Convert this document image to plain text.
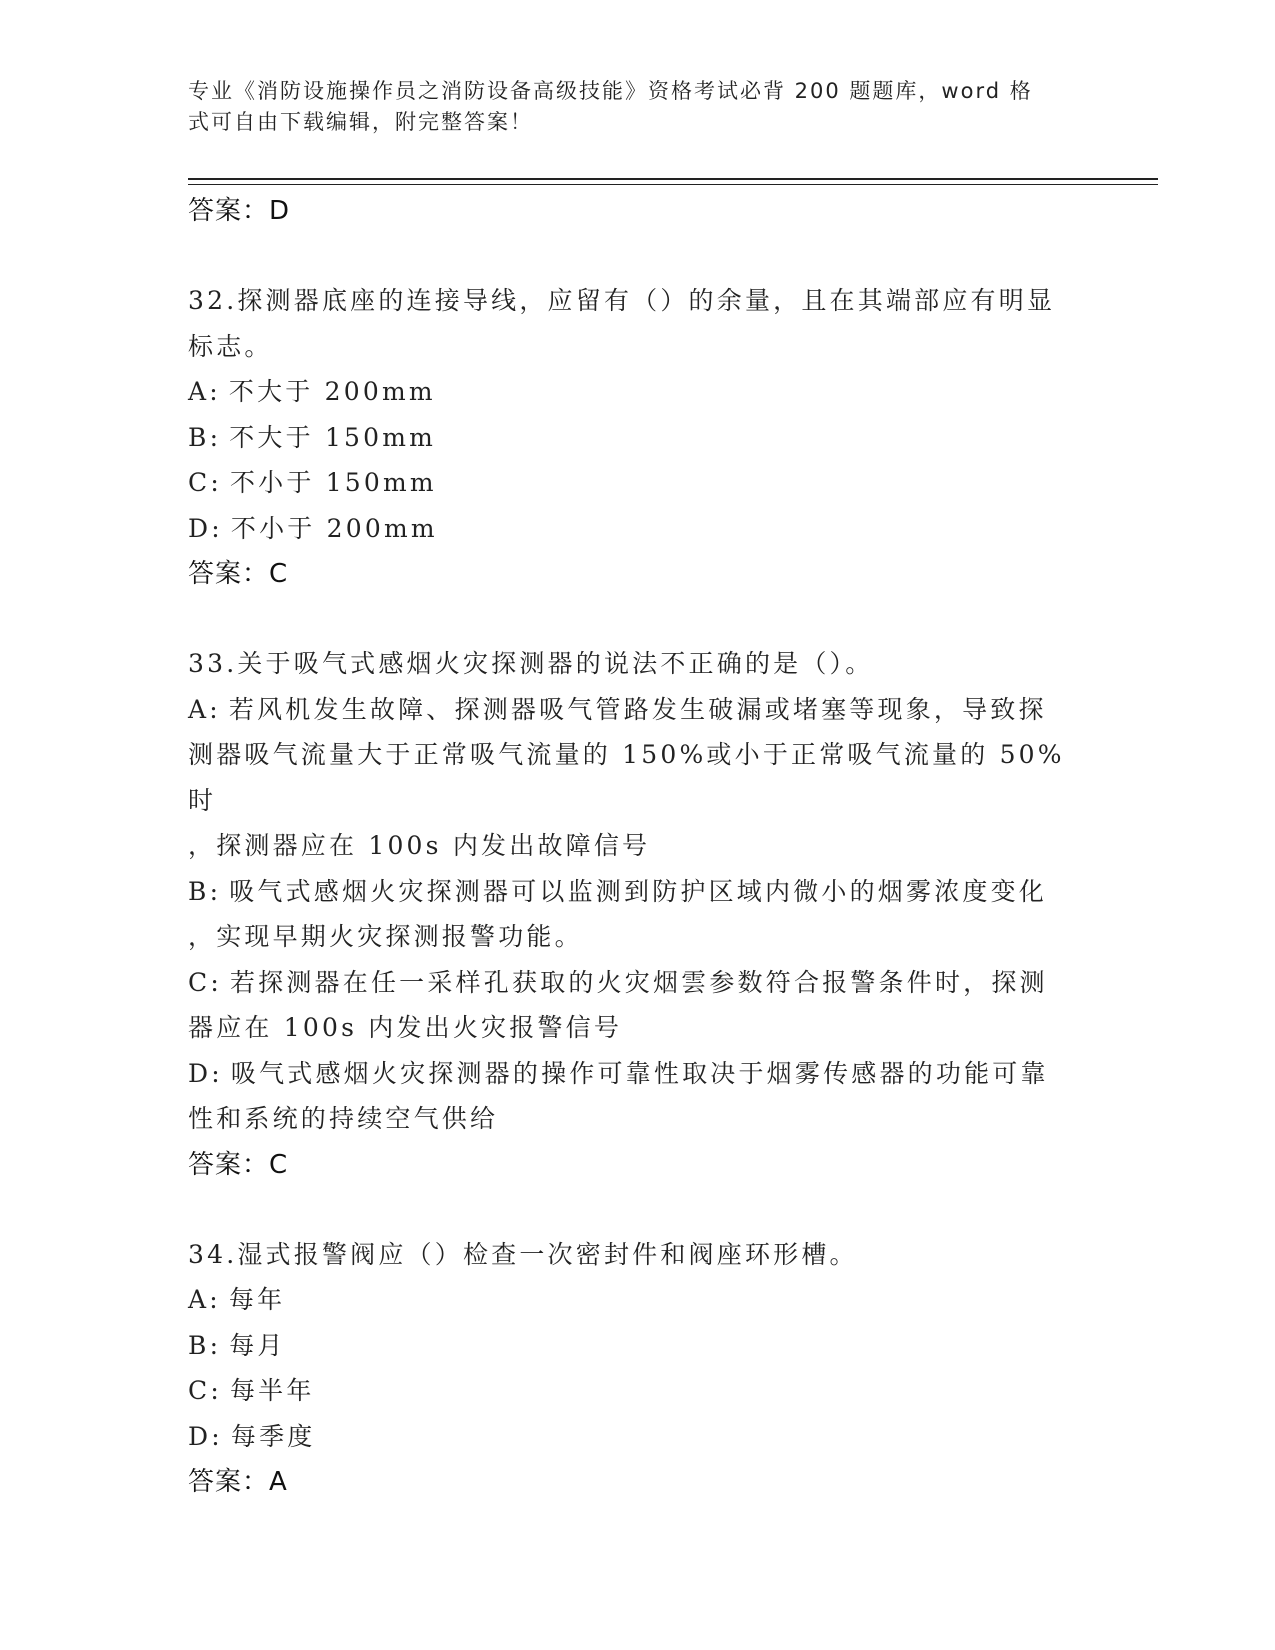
专业《消防设施操作员之消防设备高级技能》资格考试必背 200 题题库，word 格
式可自由下载编辑，附完整答案！

答案：D

32.探测器底座的连接导线，应留有（）的余量，且在其端部应有明显

标志。

A: 不大于 200mm

B: 不大于 150mm

C: 不小于 150mm

D: 不小于 200mm

答案：C

33.关于吸气式感烟火灾探测器的说法不正确的是（）。

A: 若风机发生故障、探测器吸气管路发生破漏或堵塞等现象，导致探

测器吸气流量大于正常吸气流量的 150%或小于正常吸气流量的 50%时

，探测器应在 100s 内发出故障信号

B: 吸气式感烟火灾探测器可以监测到防护区域内微小的烟雾浓度变化

，实现早期火灾探测报警功能。

C: 若探测器在任一采样孔获取的火灾烟雲参数符合报警条件时，探测

器应在 100s 内发出火灾报警信号

D: 吸气式感烟火灾探测器的操作可靠性取决于烟雾传感器的功能可靠

性和系统的持续空气供给

答案：C

34.湿式报警阀应（）检查一次密封件和阀座环形槽。

A: 每年

B: 每月

C: 每半年

D: 每季度

答案：A
